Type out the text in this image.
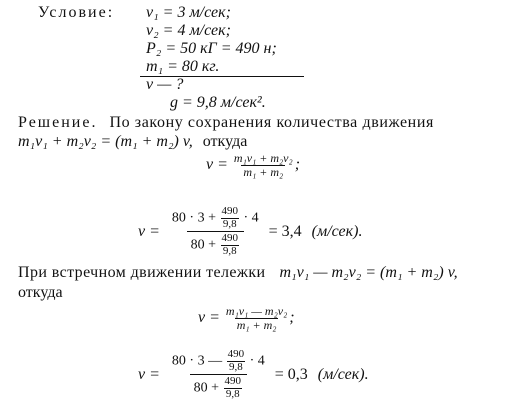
Условие: v₁ = 3 м/сек;
v₂ = 4 м/сек;
P₂ = 50 кГ = 490 н;
m₁ = 80 кг.
v — ?
g = 9,8 м/сек².
Решение. По закону сохранения количества движения
m₁v₁ + m₂v₂ = (m₁ + m₂) v, откуда
$v = \frac{\text{m₁v₁ + m₂v₂}}{\text{m₁ + m₂}}$ ;
v =
$80 \cdot 3 + \frac{490}{9,8} \cdot 4$
$80 + \frac{490}{9,8}$
= 3,4 (м/сек).
При встречном движении тележки m₁v₁ — m₂v₂ = (m₁ + m₂) v,
откуда
$v = \frac{\text{m₁v₁ — m₂v₂}}{\text{m₁ + m₂}}$ ;
v =
80 · 3 — $\frac{490}{9,8} \cdot 4$
$80 + \frac{490}{9,8}$
= 0,3 (м/сек).
